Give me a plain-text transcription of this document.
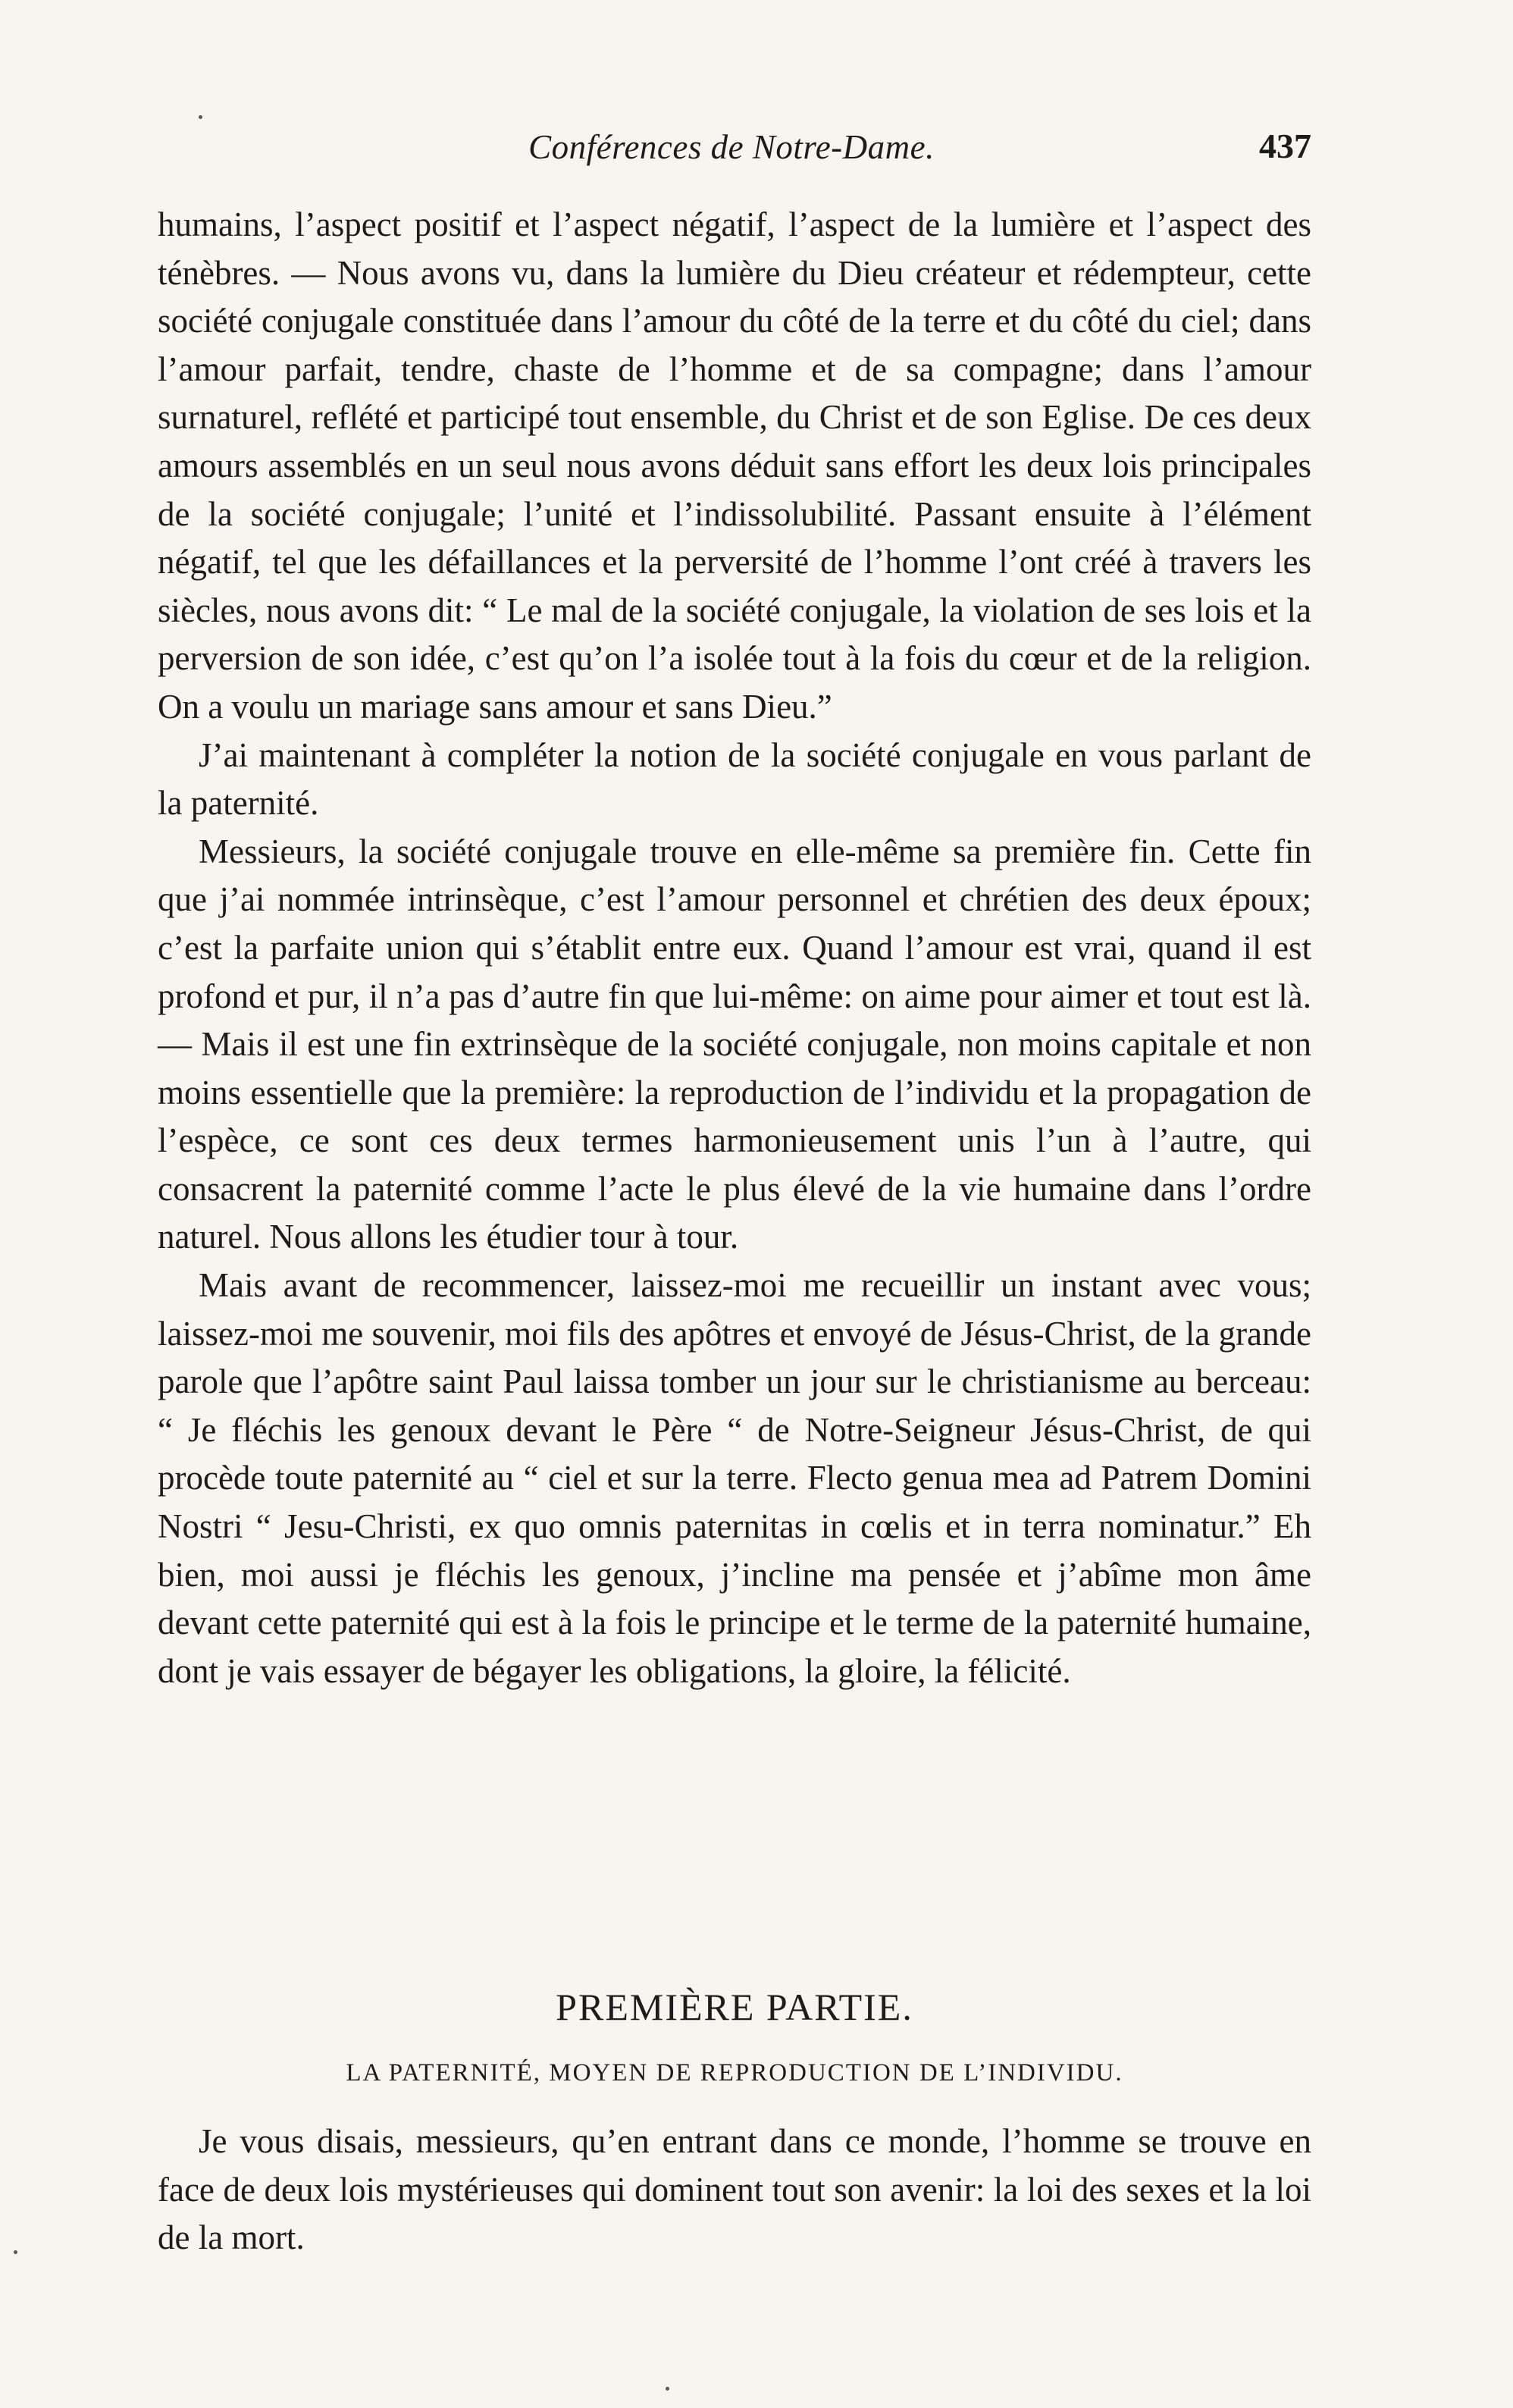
Conférences de Notre-Dame.	437

humains, l’aspect positif et l’aspect négatif, l’aspect de la lumière et l’aspect des ténèbres. — Nous avons vu, dans la lumière du Dieu créateur et rédempteur, cette société conjugale constituée dans l’amour du côté de la terre et du côté du ciel; dans l’amour parfait, tendre, chaste de l’homme et de sa compagne; dans l’amour surnaturel, reflété et participé tout ensemble, du Christ et de son Eglise. De ces deux amours assemblés en un seul nous avons déduit sans effort les deux lois principales de la société conjugale; l’unité et l’indissolubilité. Passant ensuite à l’élément négatif, tel que les défaillances et la perversité de l’homme l’ont créé à travers les siècles, nous avons dit: “ Le mal de la société conjugale, la violation de ses lois et la perversion de son idée, c’est qu’on l’a isolée tout à la fois du cœur et de la religion. On a voulu un mariage sans amour et sans Dieu.”

J’ai maintenant à compléter la notion de la société conjugale en vous parlant de la paternité.

Messieurs, la société conjugale trouve en elle-même sa première fin. Cette fin que j’ai nommée intrinsèque, c’est l’amour personnel et chrétien des deux époux; c’est la parfaite union qui s’établit entre eux. Quand l’amour est vrai, quand il est profond et pur, il n’a pas d’autre fin que lui-même: on aime pour aimer et tout est là. — Mais il est une fin extrinsèque de la société conjugale, non moins capitale et non moins essentielle que la première: la reproduction de l’individu et la propagation de l’espèce, ce sont ces deux termes harmonieusement unis l’un à l’autre, qui consacrent la paternité comme l’acte le plus élevé de la vie humaine dans l’ordre naturel. Nous allons les étudier tour à tour.

Mais avant de recommencer, laissez-moi me recueillir un instant avec vous; laissez-moi me souvenir, moi fils des apôtres et envoyé de Jésus-Christ, de la grande parole que l’apôtre saint Paul laissa tomber un jour sur le christianisme au berceau: “ Je fléchis les genoux devant le Père “ de Notre-Seigneur Jésus-Christ, de qui procède toute paternité au “ ciel et sur la terre. Flecto genua mea ad Patrem Domini Nostri “ Jesu-Christi, ex quo omnis paternitas in cœlis et in terra nominatur.” Eh bien, moi aussi je fléchis les genoux, j’incline ma pensée et j’abîme mon âme devant cette paternité qui est à la fois le principe et le terme de la paternité humaine, dont je vais essayer de bégayer les obligations, la gloire, la félicité.

PREMIÈRE PARTIE.
LA PATERNITÉ, MOYEN DE REPRODUCTION DE L’INDIVIDU.

Je vous disais, messieurs, qu’en entrant dans ce monde, l’homme se trouve en face de deux lois mystérieuses qui dominent tout son avenir: la loi des sexes et la loi de la mort.
